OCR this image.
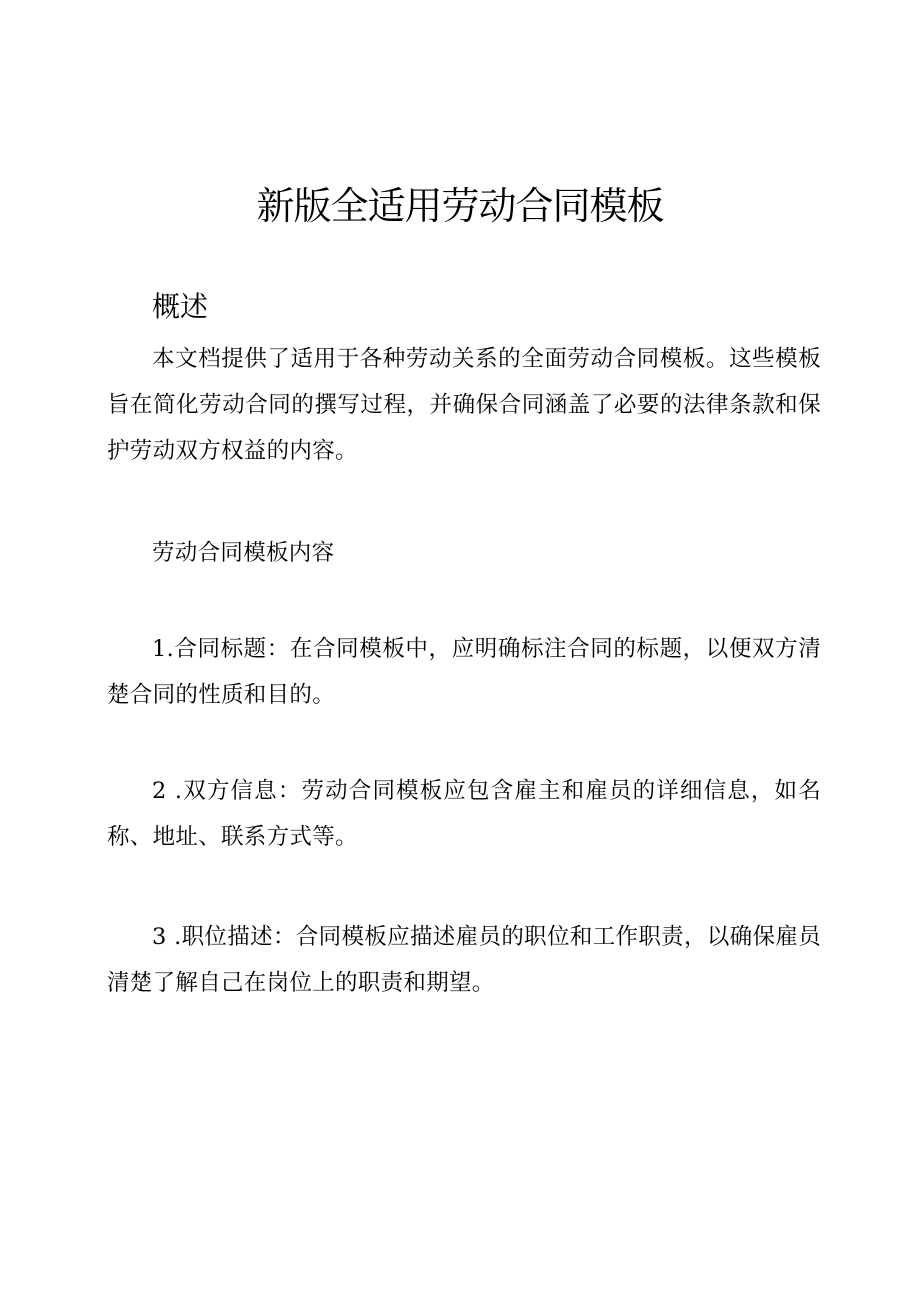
新版全适用劳动合同模板
概述

本文档提供了适用于各种劳动关系的全面劳动合同模板。这些模板旨在简化劳动合同的撰写过程，并确保合同涵盖了必要的法律条款和保护劳动双方权益的内容。

劳动合同模板内容

1.合同标题：在合同模板中，应明确标注合同的标题，以便双方清楚合同的性质和目的。

2 .双方信息：劳动合同模板应包含雇主和雇员的详细信息，如名称、地址、联系方式等。

3 .职位描述：合同模板应描述雇员的职位和工作职责，以确保雇员清楚了解自己在岗位上的职责和期望。
